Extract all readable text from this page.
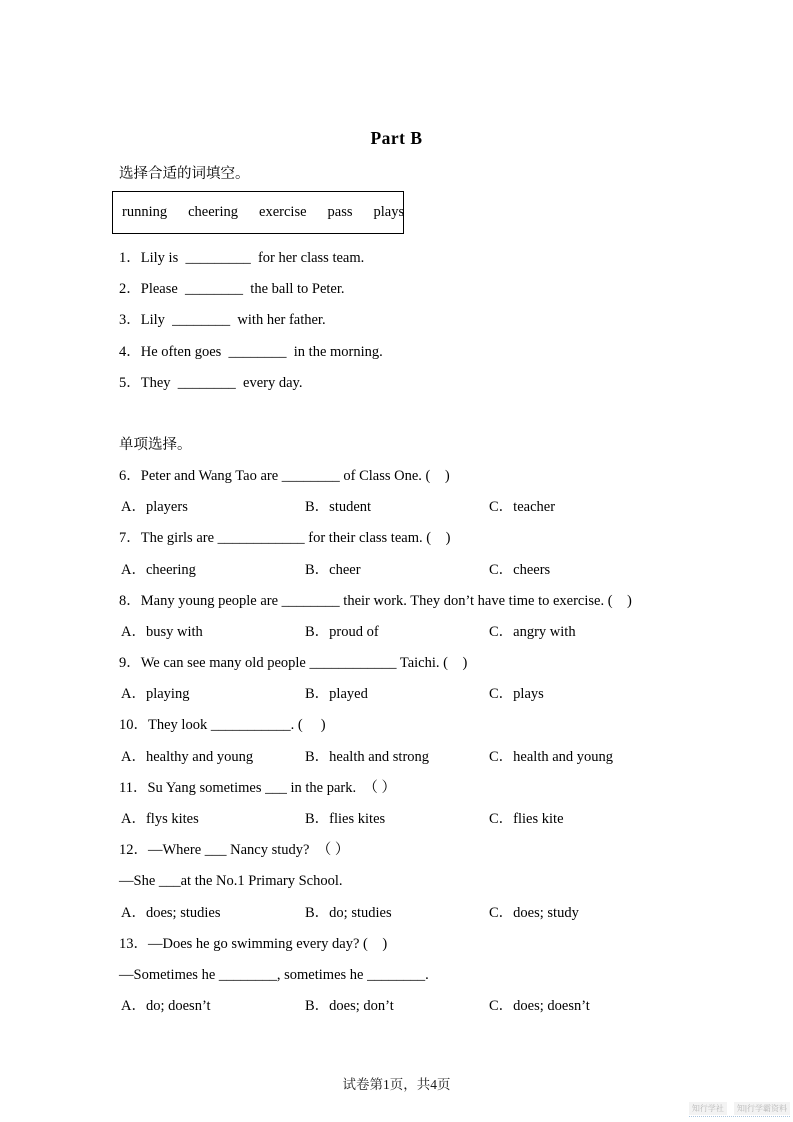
Part B

选择合适的词填空。

running cheering exercise pass plays

1．Lily is  _________  for her class team.

2．Please  ________  the ball to Peter.

3．Lily  ________  with her father.

4．He often goes  ________  in the morning.

5．They  ________  every day.

单项选择。

6．Peter and Wang Tao are ________ of Class One. (　)

A．players	B．student	C．teacher

7．The girls are ____________ for their class team. (　)

A．cheering	B．cheer	C．cheers

8．Many young people are ________ their work. They don’t have time to exercise. (　)

A．busy with	B．proud of	C．angry with

9．We can see many old people ____________ Taichi. (　)

A．playing	B．played	C．plays

10．They look ___________. (　 )

A．healthy and young	B．health and strong	C．health and young

11．Su Yang sometimes ___ in the park.　（ ）

A．flys kites	B．flies kites	C．flies kite

12．—Where ___ Nancy study?　（ ）

—She ___at the No.1 Primary School.

A．does; studies	B．do; studies	C．does; study

13．—Does he go swimming every day? (　)

—Sometimes he ________, sometimes he ________.

A．do; doesn’t	B．does; don’t	C．does; doesn’t
试卷第1页，共4页
知行学社	知|行学霸资料
